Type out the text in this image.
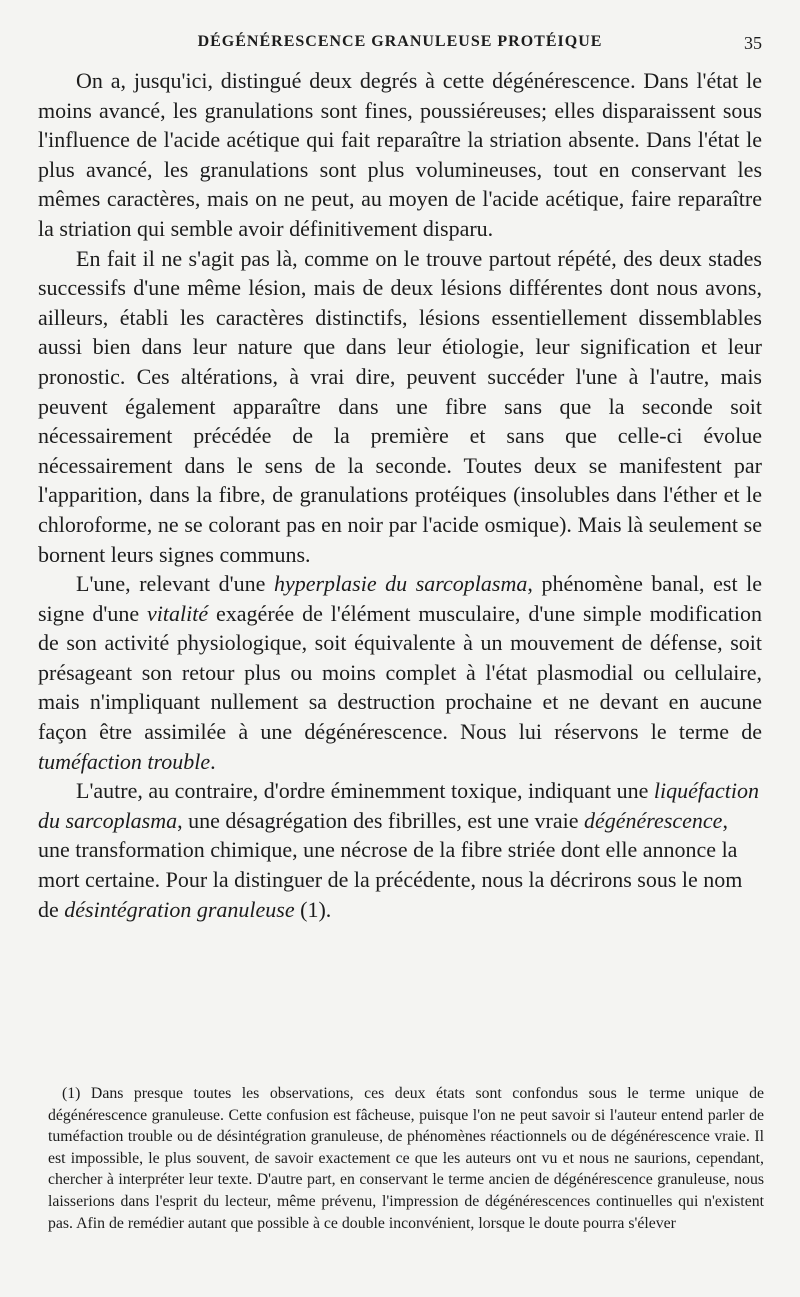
DÉGÉNÉRESCENCE GRANULEUSE PROTÉIQUE	35

On a, jusqu'ici, distingué deux degrés à cette dégénérescence. Dans l'état le moins avancé, les granulations sont fines, poussiéreuses; elles disparaissent sous l'influence de l'acide acétique qui fait reparaître la striation absente. Dans l'état le plus avancé, les granulations sont plus volumineuses, tout en conservant les mêmes caractères, mais on ne peut, au moyen de l'acide acétique, faire reparaître la striation qui semble avoir définitivement disparu.

En fait il ne s'agit pas là, comme on le trouve partout répété, des deux stades successifs d'une même lésion, mais de deux lésions différentes dont nous avons, ailleurs, établi les caractères distinctifs, lésions essentiellement dissemblables aussi bien dans leur nature que dans leur étiologie, leur signification et leur pronostic. Ces altérations, à vrai dire, peuvent succéder l'une à l'autre, mais peuvent également apparaître dans une fibre sans que la seconde soit nécessairement précédée de la première et sans que celle-ci évolue nécessairement dans le sens de la seconde. Toutes deux se manifestent par l'apparition, dans la fibre, de granulations protéiques (insolubles dans l'éther et le chloroforme, ne se colorant pas en noir par l'acide osmique). Mais là seulement se bornent leurs signes communs.

L'une, relevant d'une hyperplasie du sarcoplasma, phénomène banal, est le signe d'une vitalité exagérée de l'élément musculaire, d'une simple modification de son activité physiologique, soit équivalente à un mouvement de défense, soit présageant son retour plus ou moins complet à l'état plasmodial ou cellulaire, mais n'impliquant nullement sa destruction prochaine et ne devant en aucune façon être assimilée à une dégénérescence. Nous lui réservons le terme de tuméfaction trouble.

L'autre, au contraire, d'ordre éminemment toxique, indiquant une liquéfaction du sarcoplasma, une désagrégation des fibrilles, est une vraie dégénérescence, une transformation chimique, une nécrose de la fibre striée dont elle annonce la mort certaine. Pour la distinguer de la précédente, nous la décrirons sous le nom de désintégration granuleuse (1).

(1) Dans presque toutes les observations, ces deux états sont confondus sous le terme unique de dégénérescence granuleuse. Cette confusion est fâcheuse, puisque l'on ne peut savoir si l'auteur entend parler de tuméfaction trouble ou de désintégration granuleuse, de phénomènes réactionnels ou de dégénérescence vraie. Il est impossible, le plus souvent, de savoir exactement ce que les auteurs ont vu et nous ne saurions, cependant, chercher à interpréter leur texte. D'autre part, en conservant le terme ancien de dégénérescence granuleuse, nous laisserions dans l'esprit du lecteur, même prévenu, l'impression de dégénérescences continuelles qui n'existent pas. Afin de remédier autant que possible à ce double inconvénient, lorsque le doute pourra s'élever
